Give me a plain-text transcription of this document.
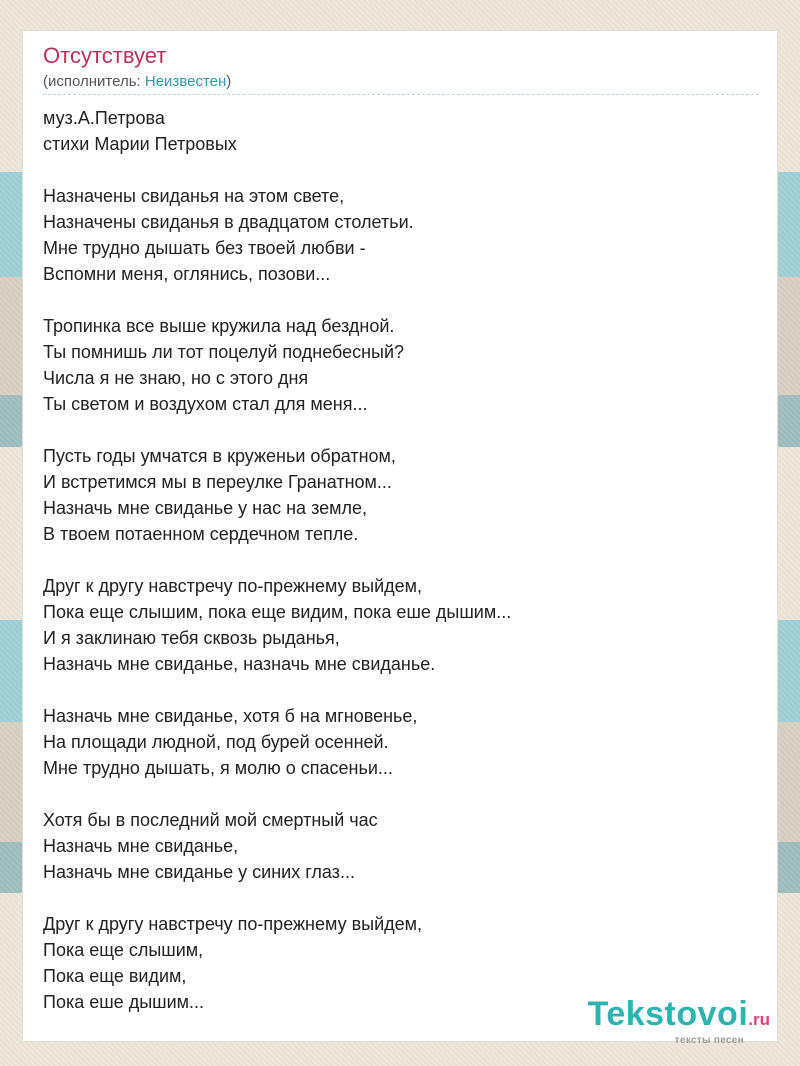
Отсутствует
(исполнитель: Неизвестен)
муз.А.Петрова
стихи Марии Петровых
Назначены свиданья на этом свете,
Назначены свиданья в двадцатом столетьи.
Мне трудно дышать без твоей любви -
Вспомни меня, оглянись, позови...
Тропинка все выше кружила над бездной.
Ты помнишь ли тот поцелуй поднебесный?
Числа я не знаю, но с этого дня
Ты светом и воздухом стал для меня...
Пусть годы умчатся в круженьи обратном,
И встретимся мы в переулке Гранатном...
Назначь мне свиданье у нас на земле,
В твоем потаенном сердечном тепле.
Друг к другу навстречу по-прежнему выйдем,
Пока еще слышим, пока еще видим, пока еше дышим...
И я заклинаю тебя сквозь рыданья,
Назначь мне свиданье, назначь мне свиданье.
Назначь мне свиданье, хотя б на мгновенье,
На площади людной, под бурей осенней.
Мне трудно дышать, я молю о спасеньи...
Хотя бы в последний мой смертный час
Назначь мне свиданье,
Назначь мне свиданье у синих глаз...
Друг к другу навстречу по-прежнему выйдем,
Пока еще слышим,
Пока еще видим,
Пока еше дышим...	Tekstovoi.ru
тексты песен
